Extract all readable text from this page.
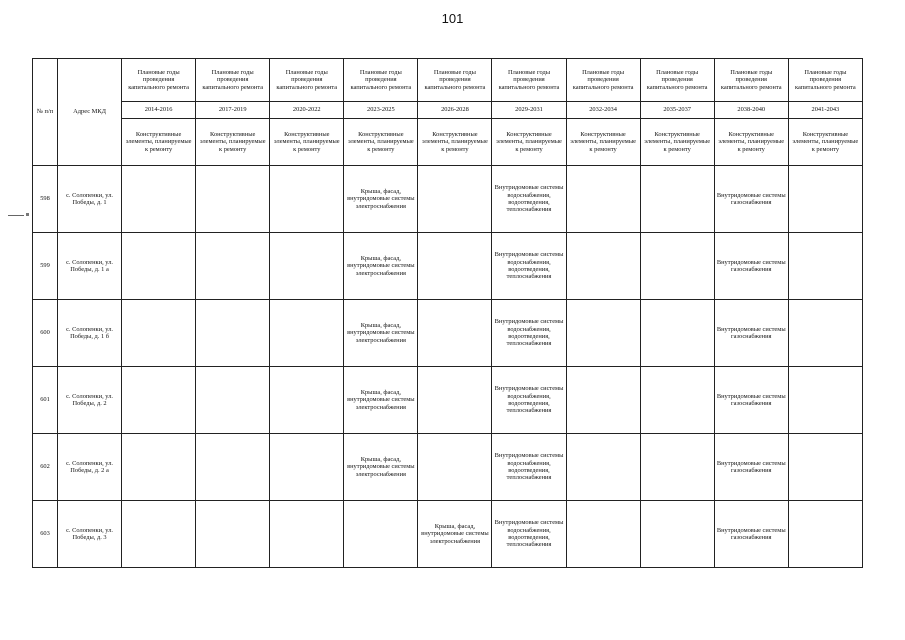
101
№ п/п	Адрес МКД	Плановые годы проведения капитального ремонта	Плановые годы проведения капитального ремонта	Плановые годы проведения капитального ремонта	Плановые годы проведения капитального ремонта	Плановые годы проведения капитального ремонта	Плановые годы проведения капитального ремонта	Плановые годы проведения капитального ремонта	Плановые годы проведения капитального ремонта	Плановые годы проведения капитального ремонта	Плановые годы проведения капитального ремонта
		2014-2016	2017-2019	2020-2022	2023-2025	2026-2028	2029-2031	2032-2034	2035-2037	2038-2040	2041-2043
		Конструктивные элементы, планируемые к ремонту	Конструктивные элементы, планируемые к ремонту	Конструктивные элементы, планируемые к ремонту	Конструктивные элементы, планируемые к ремонту	Конструктивные элементы, планируемые к ремонту	Конструктивные элементы, планируемые к ремонту	Конструктивные элементы, планируемые к ремонту	Конструктивные элементы, планируемые к ремонту	Конструктивные элементы, планируемые к ремонту	Конструктивные элементы, планируемые к ремонту
598	с. Солопенки, ул. Победы, д. 1				Крыша, фасад, внутридомовые системы электроснабжения		Внутридомовые системы водоснабжения, водоотведения, теплоснабжения			Внутридомовые системы газоснабжения	
599	с. Солопенки, ул. Победы, д. 1 а				Крыша, фасад, внутридомовые системы электроснабжения		Внутридомовые системы водоснабжения, водоотведения, теплоснабжения			Внутридомовые системы газоснабжения	
600	с. Солопенки, ул. Победы, д. 1 б				Крыша, фасад, внутридомовые системы электроснабжения		Внутридомовые системы водоснабжения, водоотведения, теплоснабжения			Внутридомовые системы газоснабжения	
601	с. Солопенки, ул. Победы, д. 2				Крыша, фасад, внутридомовые системы электроснабжения		Внутридомовые системы водоснабжения, водоотведения, теплоснабжения			Внутридомовые системы газоснабжения	
602	с. Солопенки, ул. Победы, д. 2 а				Крыша, фасад, внутридомовые системы электроснабжения		Внутридомовые системы водоснабжения, водоотведения, теплоснабжения			Внутридомовые системы газоснабжения	
603	с. Солопенки, ул. Победы, д. 3					Крыша, фасад, внутридомовые системы электроснабжения	Внутридомовые системы водоснабжения, водоотведения, теплоснабжения			Внутридомовые системы газоснабжения	
